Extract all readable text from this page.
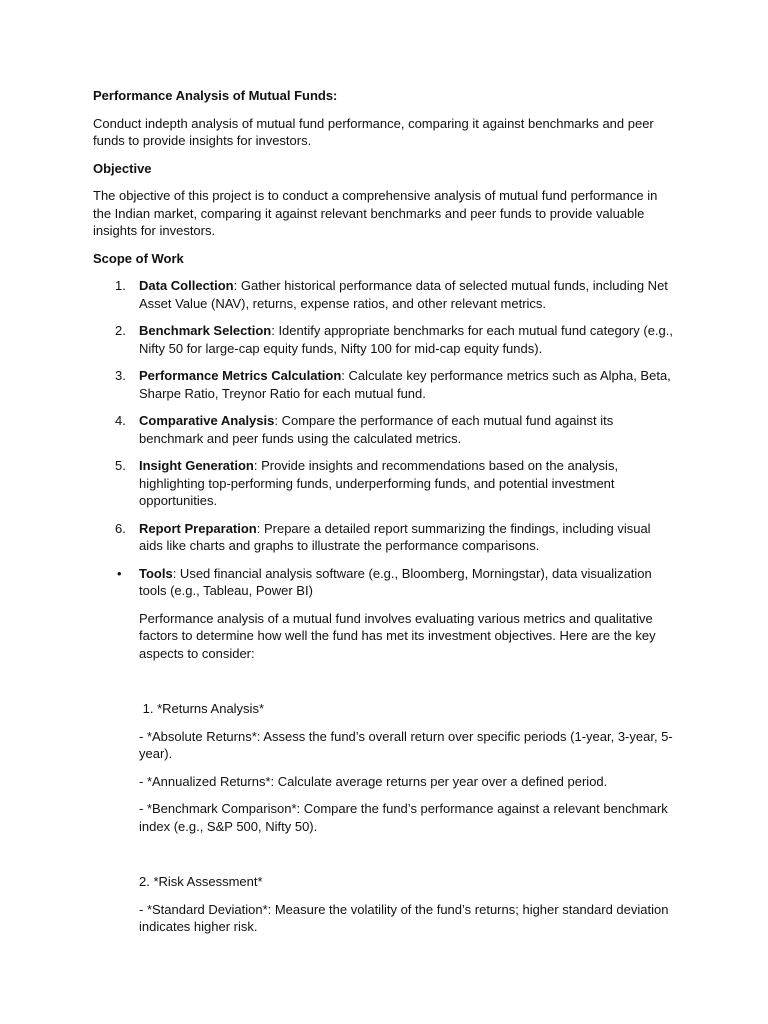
Performance Analysis of Mutual Funds:

Conduct indepth analysis of mutual fund performance, comparing it against benchmarks and peer funds to provide insights for investors.

Objective

The objective of this project is to conduct a comprehensive analysis of mutual fund performance in the Indian market, comparing it against relevant benchmarks and peer funds to provide valuable insights for investors.

Scope of Work

1. Data Collection: Gather historical performance data of selected mutual funds, including Net Asset Value (NAV), returns, expense ratios, and other relevant metrics.
2. Benchmark Selection: Identify appropriate benchmarks for each mutual fund category (e.g., Nifty 50 for large-cap equity funds, Nifty 100 for mid-cap equity funds).
3. Performance Metrics Calculation: Calculate key performance metrics such as Alpha, Beta, Sharpe Ratio, Treynor Ratio for each mutual fund.
4. Comparative Analysis: Compare the performance of each mutual fund against its benchmark and peer funds using the calculated metrics.
5. Insight Generation: Provide insights and recommendations based on the analysis, highlighting top-performing funds, underperforming funds, and potential investment opportunities.
6. Report Preparation: Prepare a detailed report summarizing the findings, including visual aids like charts and graphs to illustrate the performance comparisons.
• Tools: Used financial analysis software (e.g., Bloomberg, Morningstar), data visualization tools (e.g., Tableau, Power BI)

Performance analysis of a mutual fund involves evaluating various metrics and qualitative factors to determine how well the fund has met its investment objectives. Here are the key aspects to consider:

1. *Returns Analysis*

- *Absolute Returns*: Assess the fund’s overall return over specific periods (1-year, 3-year, 5-year).

- *Annualized Returns*: Calculate average returns per year over a defined period.

- *Benchmark Comparison*: Compare the fund’s performance against a relevant benchmark index (e.g., S&P 500, Nifty 50).

2. *Risk Assessment*

- *Standard Deviation*: Measure the volatility of the fund’s returns; higher standard deviation indicates higher risk.
